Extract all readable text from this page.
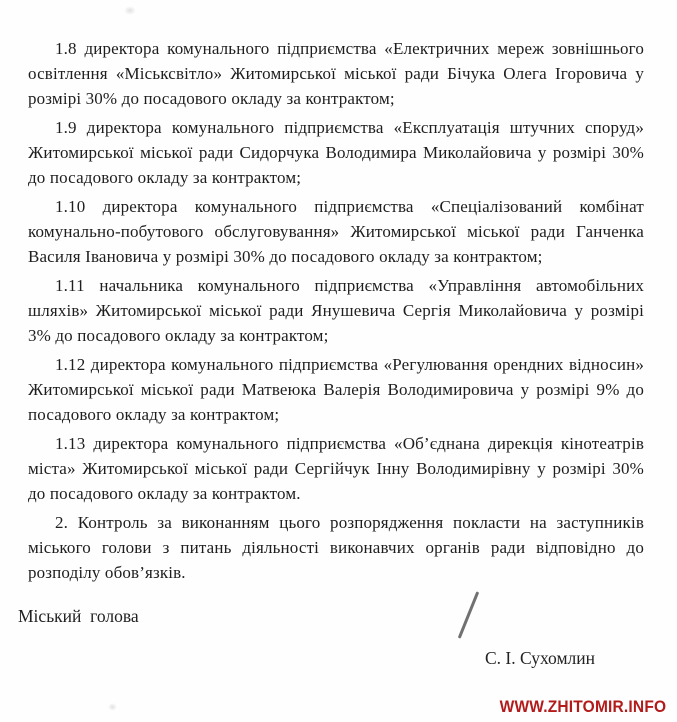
1.8 директора комунального підприємства «Електричних мереж зовнішнього освітлення «Міськсвітло» Житомирської міської ради Бічука Олега Ігоровича у розмірі 30% до посадового окладу за контрактом;

1.9 директора комунального підприємства «Експлуатація штучних споруд» Житомирської міської ради Сидорчука Володимира Миколайовича у розмірі 30% до посадового окладу за контрактом;

1.10 директора комунального підприємства «Спеціалізований комбінат комунально-побутового обслуговування» Житомирської міської ради Ганченка Василя Івановича у розмірі 30% до посадового окладу за контрактом;

1.11 начальника комунального підприємства «Управління автомобільних шляхів» Житомирської міської ради Янушевича Сергія Миколайовича у розмірі 3% до посадового окладу за контрактом;

1.12 директора комунального підприємства «Регулювання орендних відносин» Житомирської міської ради Матвеюка Валерія Володимировича у розмірі 9% до посадового окладу за контрактом;

1.13 директора комунального підприємства «Об’єднана дирекція кінотеатрів міста» Житомирської міської ради Сергійчук Інну Володимирівну у розмірі 30% до посадового окладу за контрактом.

2. Контроль за виконанням цього розпорядження покласти на заступників міського голови з питань діяльності виконавчих органів ради відповідно до розподілу обов’язків.

Міський  голова

С. І. Сухомлин

WWW.ZHITOMIR.INFO
